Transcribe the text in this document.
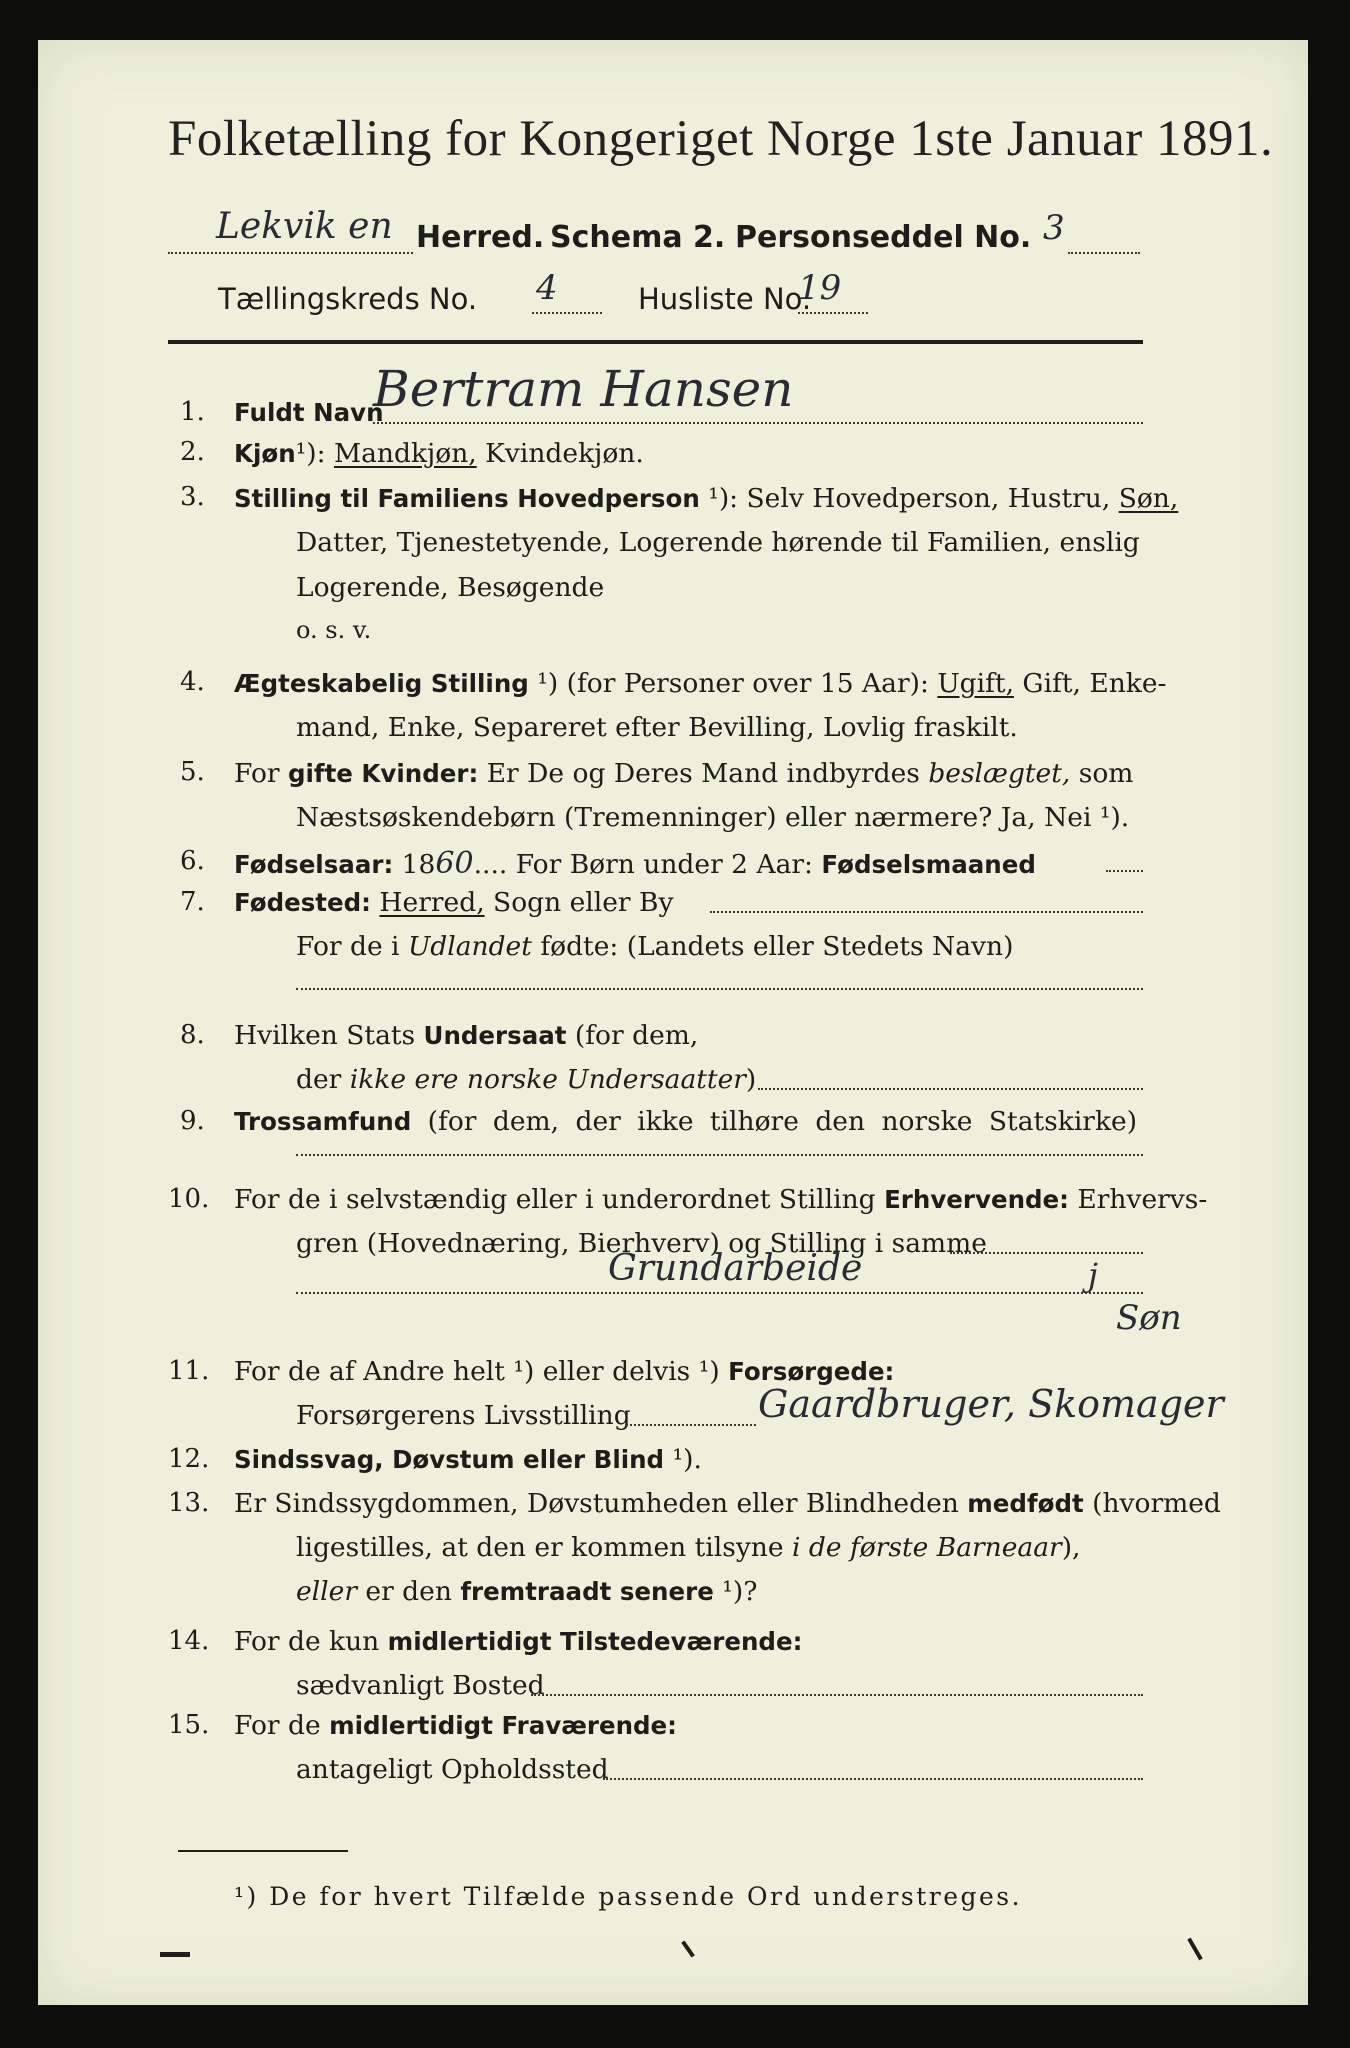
Folketælling for Kongeriget Norge 1ste Januar 1891.
Lekvik en Herred. Schema 2. Personseddel No. 3
Tællingskreds No. 4	Husliste No.
19
1. Fuldt Navn
Bertram Hansen
2. Kjøn¹): Mandkjøn, Kvindekjøn.
3. Stilling til Familiens Hovedperson ¹): Selv Hovedperson, Hustru, Søn,
Datter, Tjenestetyende, Logerende hørende til Familien, enslig
Logerende, Besøgende
o. s. v.
4. Ægteskabelig Stilling ¹) (for Personer over 15 Aar): Ugift, Gift, Enke-
mand, Enke, Separeret efter Bevilling, Lovlig fraskilt.
5. For gifte Kvinder: Er De og Deres Mand indbyrdes beslægtet, som
Næstsøskendebørn (Tremenninger) eller nærmere? Ja, Nei ¹).
6. Fødselsaar: 1860.... For Børn under 2 Aar: Fødselsmaaned
7. Fødested: Herred, Sogn eller By
For de i Udlandet fødte: (Landets eller Stedets Navn)
8. Hvilken Stats Undersaat (for dem,
der ikke ere norske Undersaatter)
9. Trossamfund (for dem, der ikke tilhøre den norske Statskirke)
10. For de i selvstændig eller i underordnet Stilling Erhvervende: Erhvervs-
gren (Hovednæring, Bierhverv) og Stilling i samme
Grundarbeide	j
Søn
11. For de af Andre helt ¹) eller delvis ¹) Forsørgede:
Forsørgerens Livsstilling	Gaardbruger, Skomager
12. Sindssvag, Døvstum eller Blind ¹).
13. Er Sindssygdommen, Døvstumheden eller Blindheden medfødt (hvormed
ligestilles, at den er kommen tilsyne i de første Barneaar),
eller er den fremtraadt senere ¹)?
14. For de kun midlertidigt Tilstedeværende:
sædvanligt Bosted
15. For de midlertidigt Fraværende:
antageligt Opholdssted
¹) De for hvert Tilfælde passende Ord understreges.
